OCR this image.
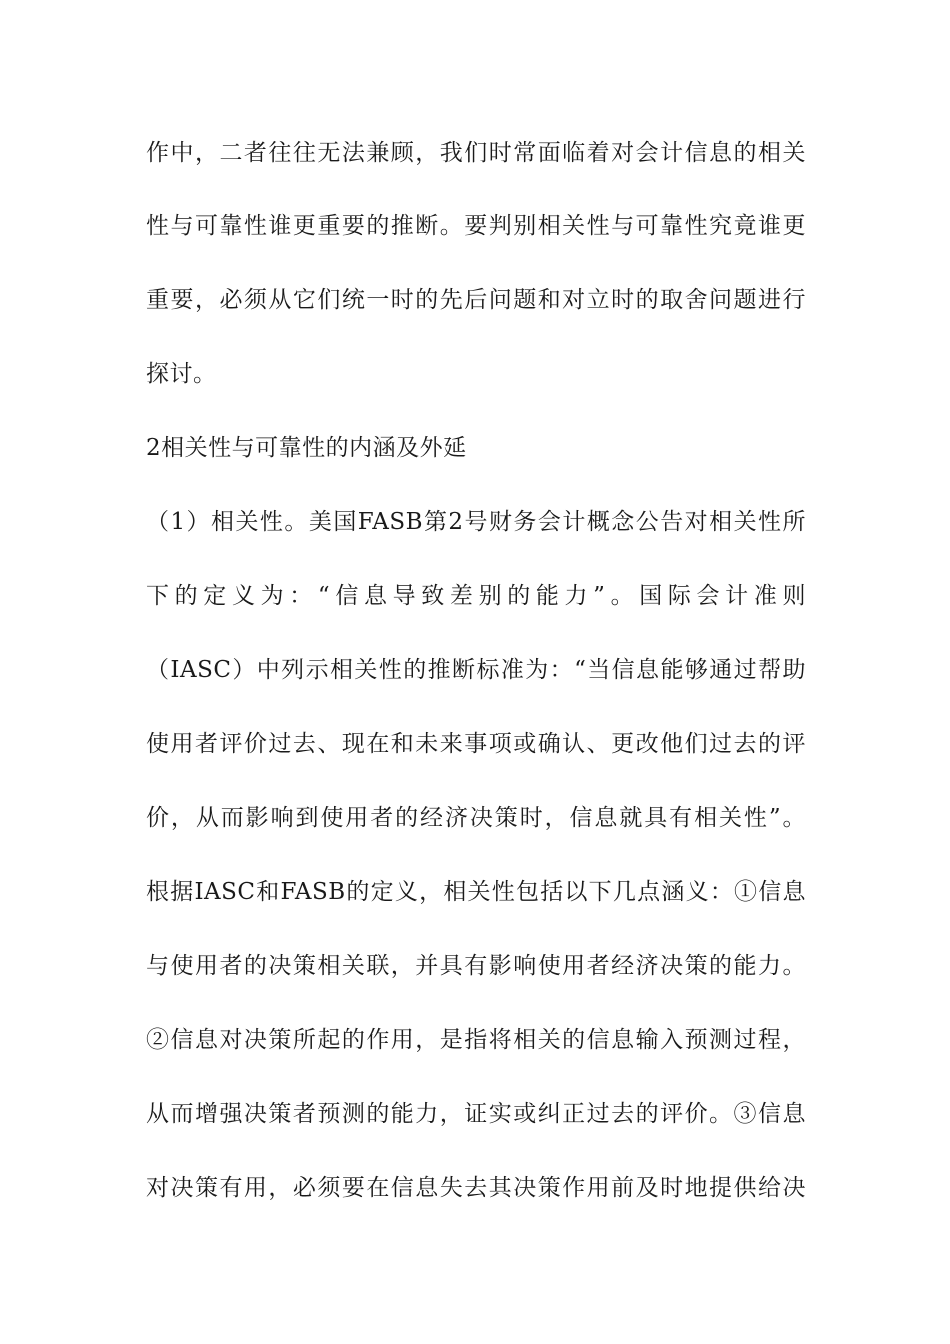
作中，二者往往无法兼顾，我们时常面临着对会计信息的相关
性与可靠性谁更重要的推断。要判别相关性与可靠性究竟谁更
重要，必须从它们统一时的先后问题和对立时的取舍问题进行
探讨。
2相关性与可靠性的内涵及外延
（1）相关性。美国FASB第2号财务会计概念公告对相关性所
下的定义为：“信息导致差别的能力”。国际会计准则
（IASC）中列示相关性的推断标准为：“当信息能够通过帮助
使用者评价过去、现在和未来事项或确认、更改他们过去的评
价，从而影响到使用者的经济决策时，信息就具有相关性”。
根据IASC和FASB的定义，相关性包括以下几点涵义：①信息
与使用者的决策相关联，并具有影响使用者经济决策的能力。
②信息对决策所起的作用，是指将相关的信息输入预测过程，
从而增强决策者预测的能力，证实或纠正过去的评价。③信息
对决策有用，必须要在信息失去其决策作用前及时地提供给决
